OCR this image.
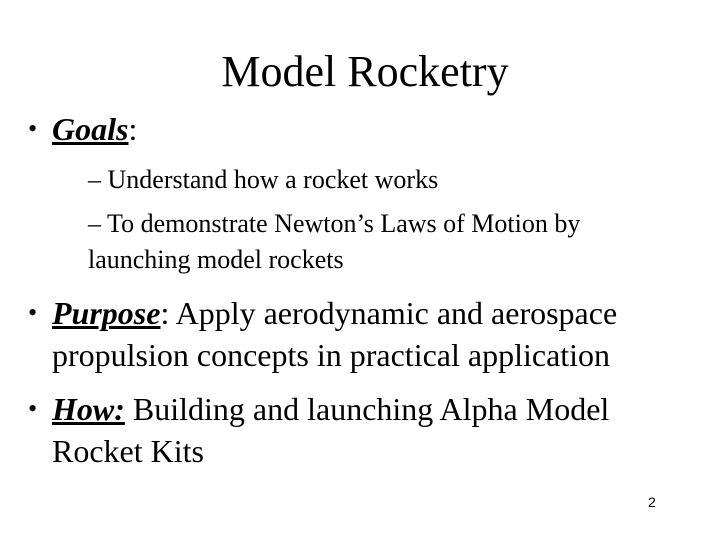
Model Rocketry
• Goals:
– Understand how a rocket works
– To demonstrate Newton’s Laws of Motion by launching model rockets
• Purpose: Apply aerodynamic and aerospace propulsion concepts in practical application
• How: Building and launching Alpha Model Rocket Kits
2
